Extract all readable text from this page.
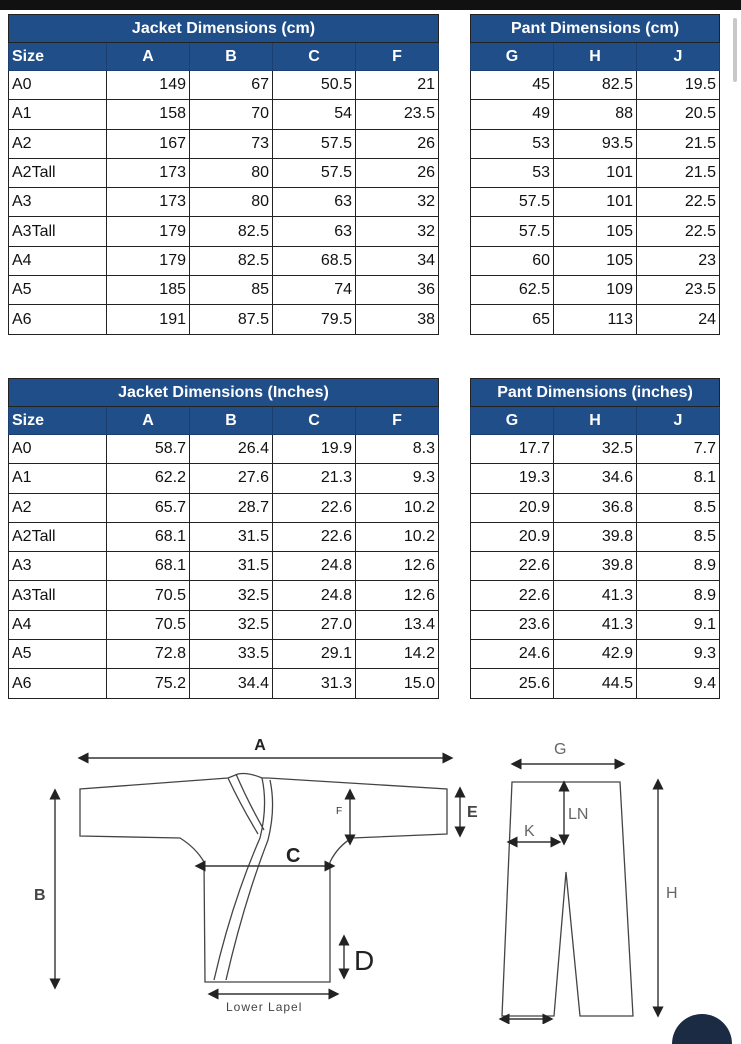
Jacket Dimensions (cm)				
Size	A	B	C	F
A0	149	67	50.5	21
A1	158	70	54	23.5
A2	167	73	57.5	26
A2Tall	173	80	57.5	26
A3	173	80	63	32
A3Tall	179	82.5	63	32
A4	179	82.5	68.5	34
A5	185	85	74	36
A6	191	87.5	79.5	38
Pant Dimensions (cm)		
G	H	J
45	82.5	19.5
49	88	20.5
53	93.5	21.5
53	101	21.5
57.5	101	22.5
57.5	105	22.5
60	105	23
62.5	109	23.5
65	113	24
Jacket Dimensions (Inches)				
Size	A	B	C	F
A0	58.7	26.4	19.9	8.3
A1	62.2	27.6	21.3	9.3
A2	65.7	28.7	22.6	10.2
A2Tall	68.1	31.5	22.6	10.2
A3	68.1	31.5	24.8	12.6
A3Tall	70.5	32.5	24.8	12.6
A4	70.5	32.5	27.0	13.4
A5	72.8	33.5	29.1	14.2
A6	75.2	34.4	31.3	15.0
Pant Dimensions (inches)		
G	H	J
17.7	32.5	7.7
19.3	34.6	8.1
20.9	36.8	8.5
20.9	39.8	8.5
22.6	39.8	8.9
22.6	41.3	8.9
23.6	41.3	9.1
24.6	42.9	9.3
25.6	44.5	9.4
A
B
C
F	E
D
Lower Lapel
G
H
LN
K
